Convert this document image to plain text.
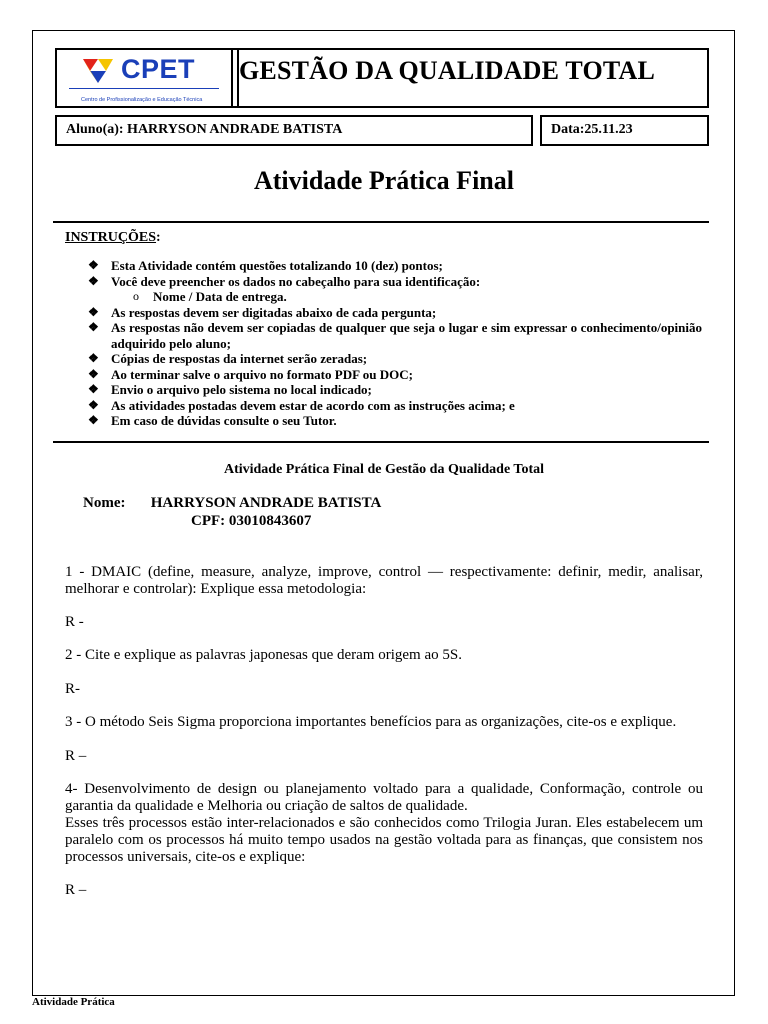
CPET
Centro de Profissionalização e Educação Técnica
GESTÃO DA QUALIDADE TOTAL
Aluno(a): HARRYSON ANDRADE BATISTA	Data:25.11.23
Atividade Prática Final
INSTRUÇÕES:
❖ Esta Atividade contém questões totalizando 10 (dez) pontos;
❖ Você deve preencher os dados no cabeçalho para sua identificação:
o Nome / Data de entrega.
❖ As respostas devem ser digitadas abaixo de cada pergunta;
❖ As respostas não devem ser copiadas de qualquer que seja o lugar e sim expressar o conhecimento/opinião adquirido pelo aluno;
❖ Cópias de respostas da internet serão zeradas;
❖ Ao terminar salve o arquivo no formato PDF ou DOC;
❖ Envio o arquivo pelo sistema no local indicado;
❖ As atividades postadas devem estar de acordo com as instruções acima; e
❖ Em caso de dúvidas consulte o seu Tutor.
Atividade Prática Final de Gestão da Qualidade Total
Nome: HARRYSON ANDRADE BATISTA
CPF: 03010843607
1 - DMAIC (define, measure, analyze, improve, control — respectivamente: definir, medir, analisar, melhorar e controlar): Explique essa metodologia:
R -
2 - Cite e explique as palavras japonesas que deram origem ao 5S.
R-
3 - O método Seis Sigma proporciona importantes benefícios para as organizações, cite-os e explique.
R –
4- Desenvolvimento de design ou planejamento voltado para a qualidade, Conformação, controle ou garantia da qualidade e Melhoria ou criação de saltos de qualidade.
Esses três processos estão inter-relacionados e são conhecidos como Trilogia Juran. Eles estabelecem um paralelo com os processos há muito tempo usados na gestão voltada para as finanças, que consistem nos processos universais, cite-os e explique:
R –
Atividade Prática
